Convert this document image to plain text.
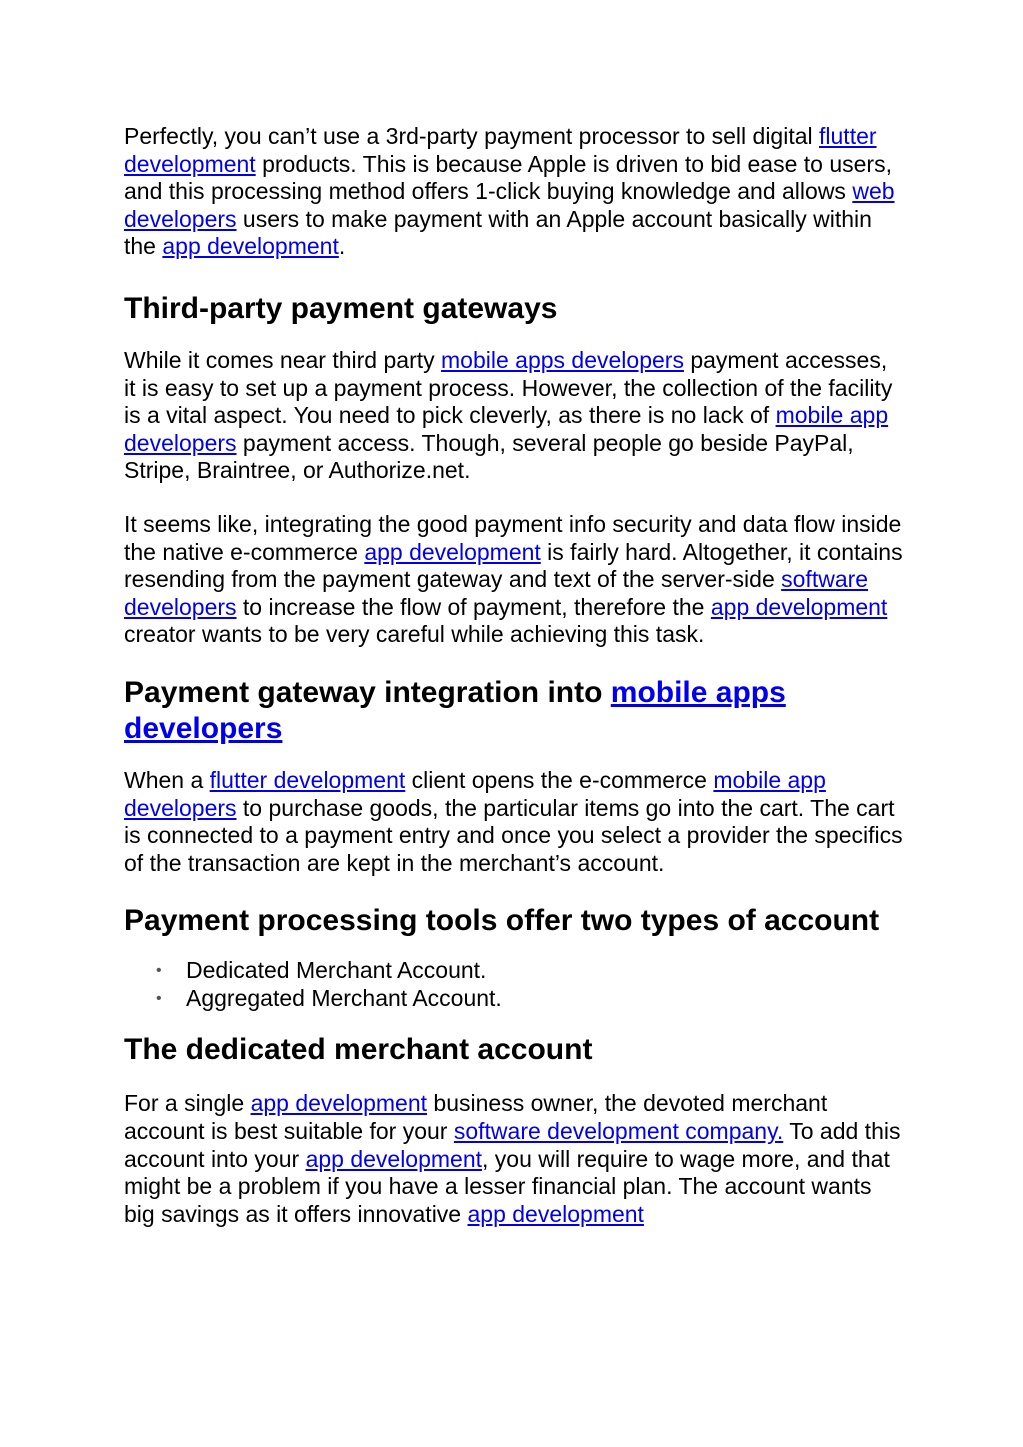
Perfectly, you can’t use a 3rd-party payment processor to sell digital flutter development products. This is because Apple is driven to bid ease to users, and this processing method offers 1-click buying knowledge and allows web developers users to make payment with an Apple account basically within the app development.

Third-party payment gateways

While it comes near third party mobile apps developers payment accesses, it is easy to set up a payment process. However, the collection of the facility is a vital aspect. You need to pick cleverly, as there is no lack of mobile app developers payment access. Though, several people go beside PayPal, Stripe, Braintree, or Authorize.net.

It seems like, integrating the good payment info security and data flow inside the native e-commerce app development is fairly hard. Altogether, it contains resending from the payment gateway and text of the server-side software developers to increase the flow of payment, therefore the app development creator wants to be very careful while achieving this task.

Payment gateway integration into mobile apps developers

When a flutter development client opens the e-commerce mobile app developers to purchase goods, the particular items go into the cart. The cart is connected to a payment entry and once you select a provider the specifics of the transaction are kept in the merchant’s account.

Payment processing tools offer two types of account
• Dedicated Merchant Account.
• Aggregated Merchant Account.
The dedicated merchant account

For a single app development business owner, the devoted merchant account is best suitable for your software development company. To add this account into your app development, you will require to wage more, and that might be a problem if you have a lesser financial plan. The account wants big savings as it offers innovative app development
